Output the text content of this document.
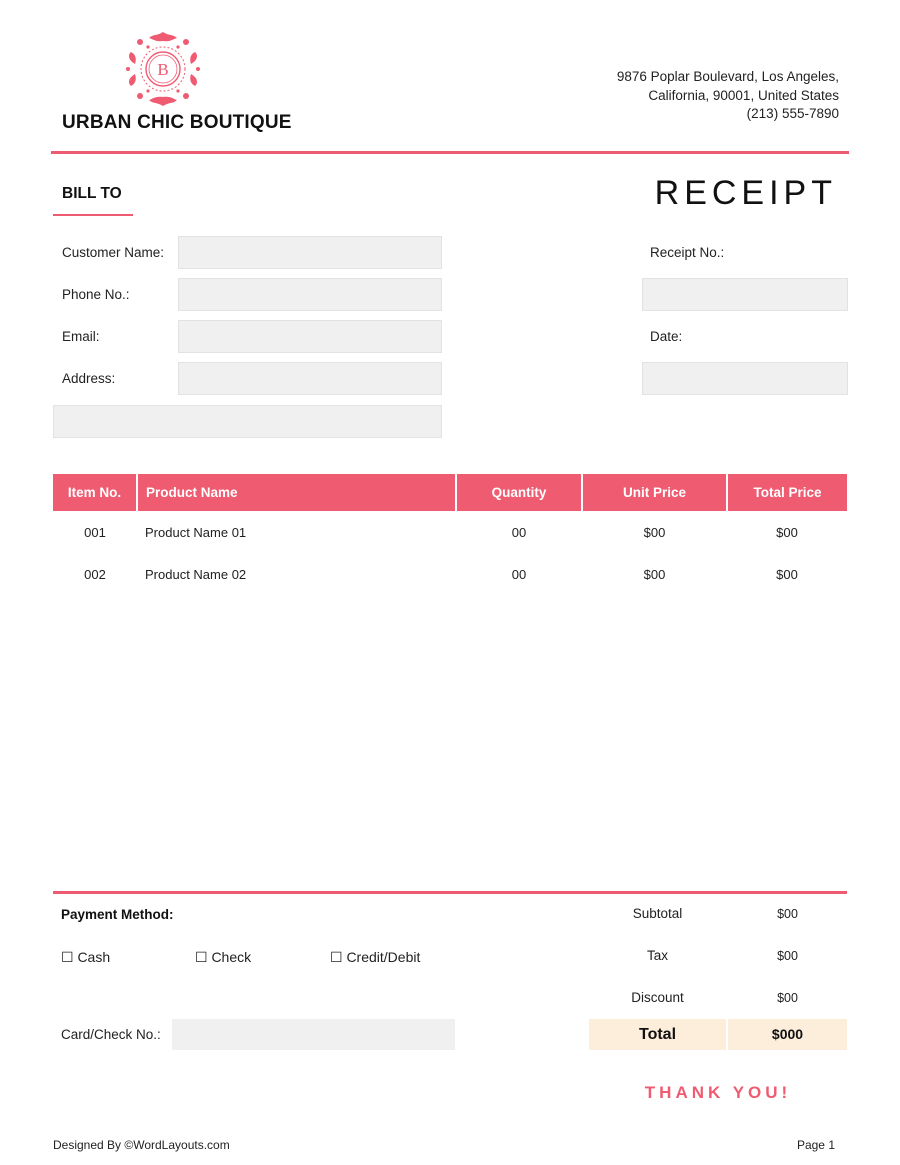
B
URBAN CHIC BOUTIQUE
9876 Poplar Boulevard, Los Angeles,
California, 90001, United States
(213) 555-7890
BILL TO
Customer Name:
Phone No.:
Email:
Address:
RECEIPT
Receipt No.:
Date:
Item No.	Product Name	Quantity	Unit Price	Total Price
001	Product Name 01	00	$00	$00
002	Product Name 02	00	$00	$00
Payment Method:
☐ Cash	☐ Check	☐ Credit/Debit
Card/Check No.:
Subtotal	$00
Tax	$00
Discount	$00
Total	$000
THANK YOU!
Designed By ©WordLayouts.com	Page 1
